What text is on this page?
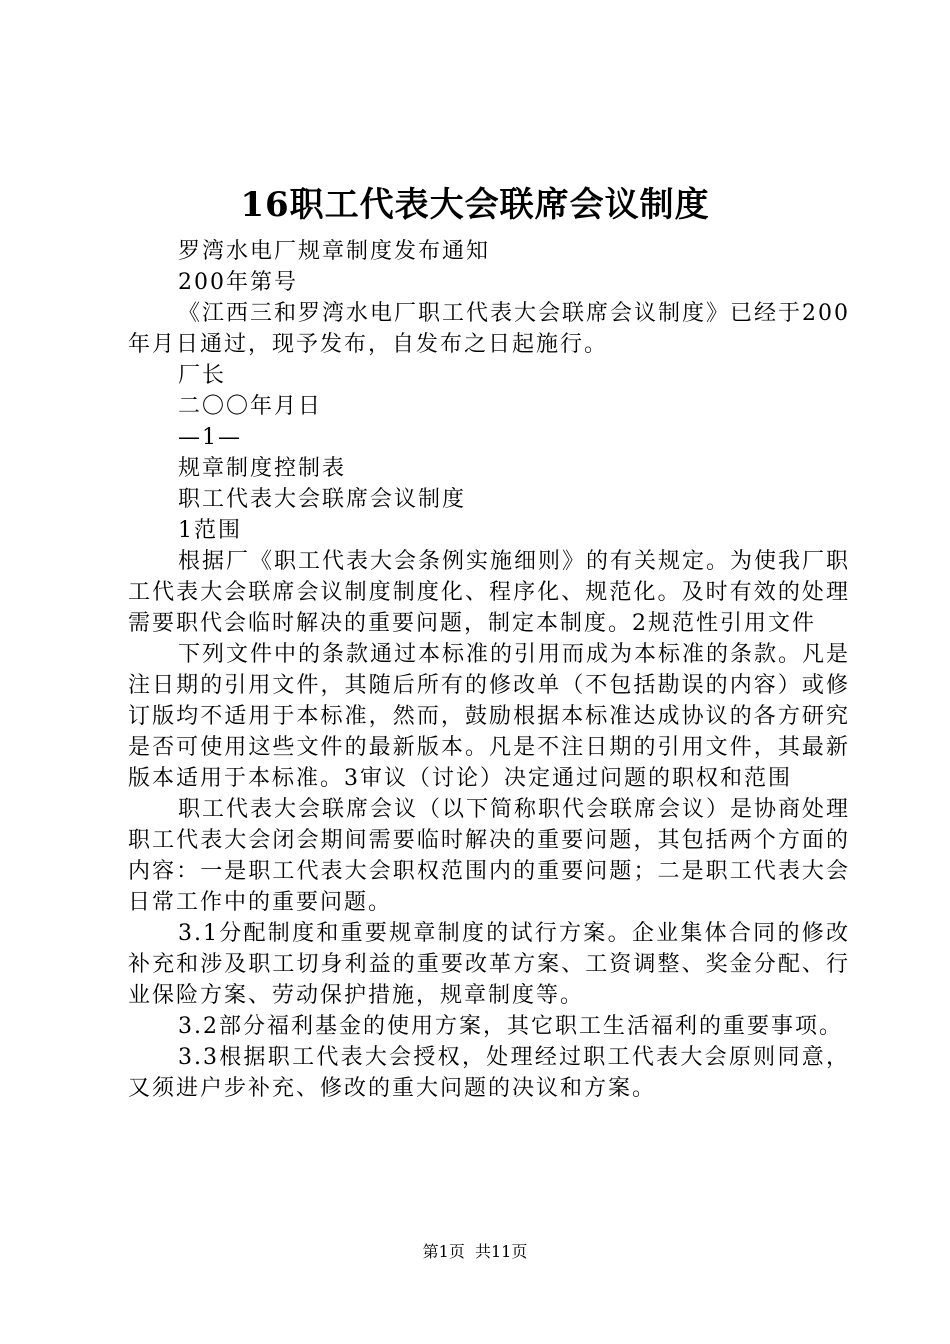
16职工代表大会联席会议制度

罗湾水电厂规章制度发布通知

200年第号

《江西三和罗湾水电厂职工代表大会联席会议制度》已经于200年月日通过，现予发布，自发布之日起施行。

厂长

二〇〇年月日

—1—

规章制度控制表

职工代表大会联席会议制度

1范围

根据厂《职工代表大会条例实施细则》的有关规定。为使我厂职工代表大会联席会议制度制度化、程序化、规范化。及时有效的处理需要职代会临时解决的重要问题，制定本制度。2规范性引用文件

下列文件中的条款通过本标准的引用而成为本标准的条款。凡是注日期的引用文件，其随后所有的修改单（不包括勘误的内容）或修订版均不适用于本标准，然而，鼓励根据本标准达成协议的各方研究是否可使用这些文件的最新版本。凡是不注日期的引用文件，其最新版本适用于本标准。3审议（讨论）决定通过问题的职权和范围

职工代表大会联席会议（以下简称职代会联席会议）是协商处理职工代表大会闭会期间需要临时解决的重要问题，其包括两个方面的内容：一是职工代表大会职权范围内的重要问题；二是职工代表大会日常工作中的重要问题。

3.1分配制度和重要规章制度的试行方案。企业集体合同的修改补充和涉及职工切身利益的重要改革方案、工资调整、奖金分配、行业保险方案、劳动保护措施，规章制度等。

3.2部分福利基金的使用方案，其它职工生活福利的重要事项。

3.3根据职工代表大会授权，处理经过职工代表大会原则同意，又须进户步补充、修改的重大问题的决议和方案。

第1页  共11页
